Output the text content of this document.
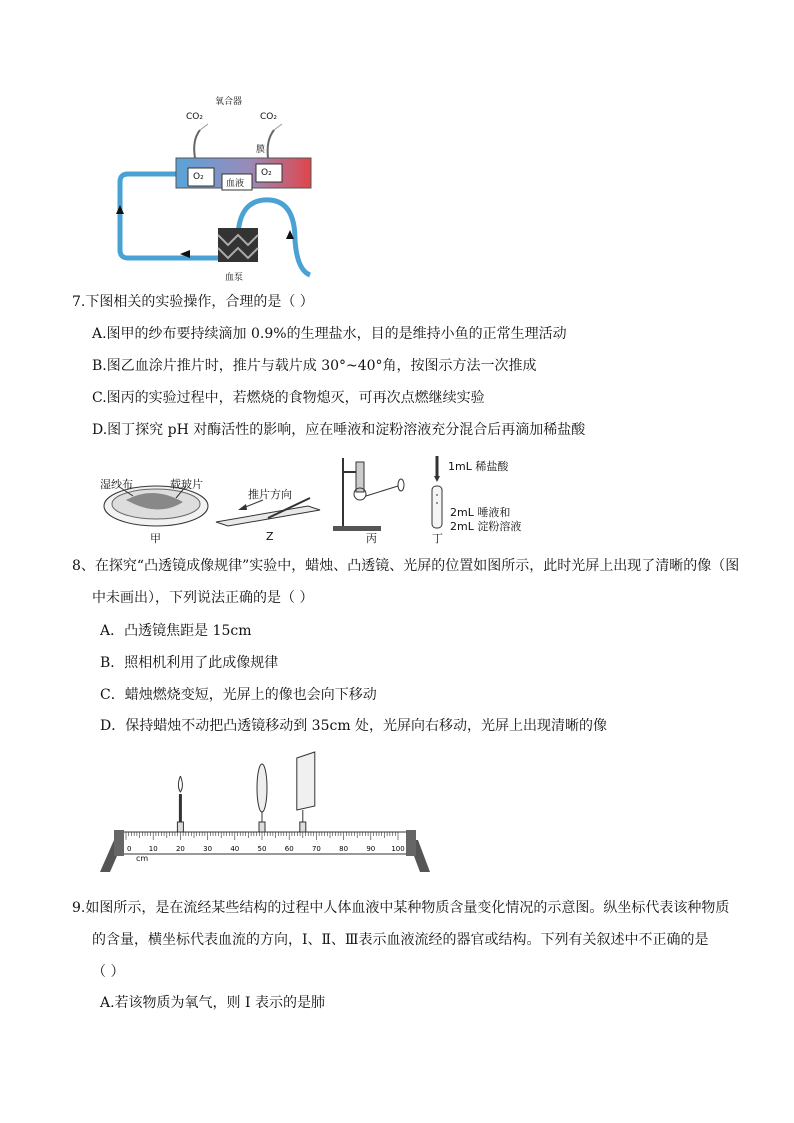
氧合器
CO₂	CO₂
膜
O₂
血液
O₂
血泵
7.下图相关的实验操作，合理的是（ ）
A.图甲的纱布要持续滴加 0.9%的生理盐水，目的是维持小鱼的正常生理活动
B.图乙血涂片推片时，推片与载片成 30°~40°角，按图示方法一次推成
C.图丙的实验过程中，若燃烧的食物熄灭，可再次点燃继续实验
D.图丁探究 pH 对酶活性的影响，应在唾液和淀粉溶液充分混合后再滴加稀盐酸
湿纱布	载玻片
甲
推片方向
Z	丙
1mL 稀盐酸
2mL 唾液和
2mL 淀粉溶液
丁
8、在探究“凸透镜成像规律”实验中，蜡烛、凸透镜、光屏的位置如图所示，此时光屏上出现了清晰的像（图
中未画出），下列说法正确的是（ ）
A．凸透镜焦距是 15cm
B．照相机利用了此成像规律
C．蜡烛燃烧变短，光屏上的像也会向下移动
D．保持蜡烛不动把凸透镜移动到 35cm 处，光屏向右移动，光屏上出现清晰的像
0 10	20	30	40	50	60	70	80	90 100
cm
9.如图所示，是在流经某些结构的过程中人体血液中某种物质含量变化情况的示意图。纵坐标代表该种物质
的含量，横坐标代表血流的方向，Ⅰ、Ⅱ、Ⅲ表示血液流经的器官或结构。下列有关叙述中不正确的是
（ ）
A.若该物质为氧气，则 I 表示的是肺
